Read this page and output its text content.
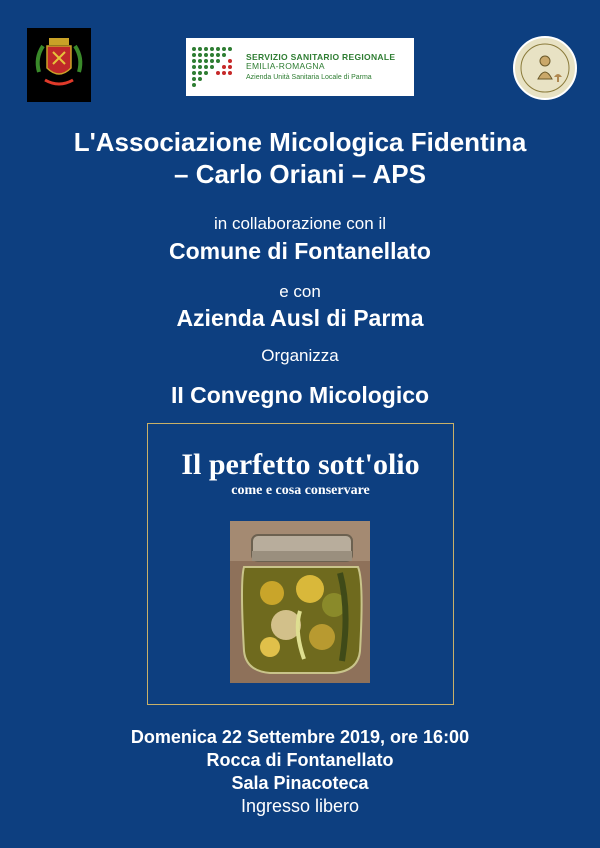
SERVIZIO SANITARIO REGIONALE
EMILIA-ROMAGNA
Azienda Unità Sanitaria Locale di Parma
L'Associazione Micologica Fidentina
– Carlo Oriani – APS
in collaborazione con il
Comune di Fontanellato
e con
Azienda Ausl di Parma
Organizza
II Convegno Micologico
Il perfetto sott'olio
come e cosa conservare
Domenica 22 Settembre 2019, ore 16:00
Rocca di Fontanellato
Sala Pinacoteca
Ingresso libero
